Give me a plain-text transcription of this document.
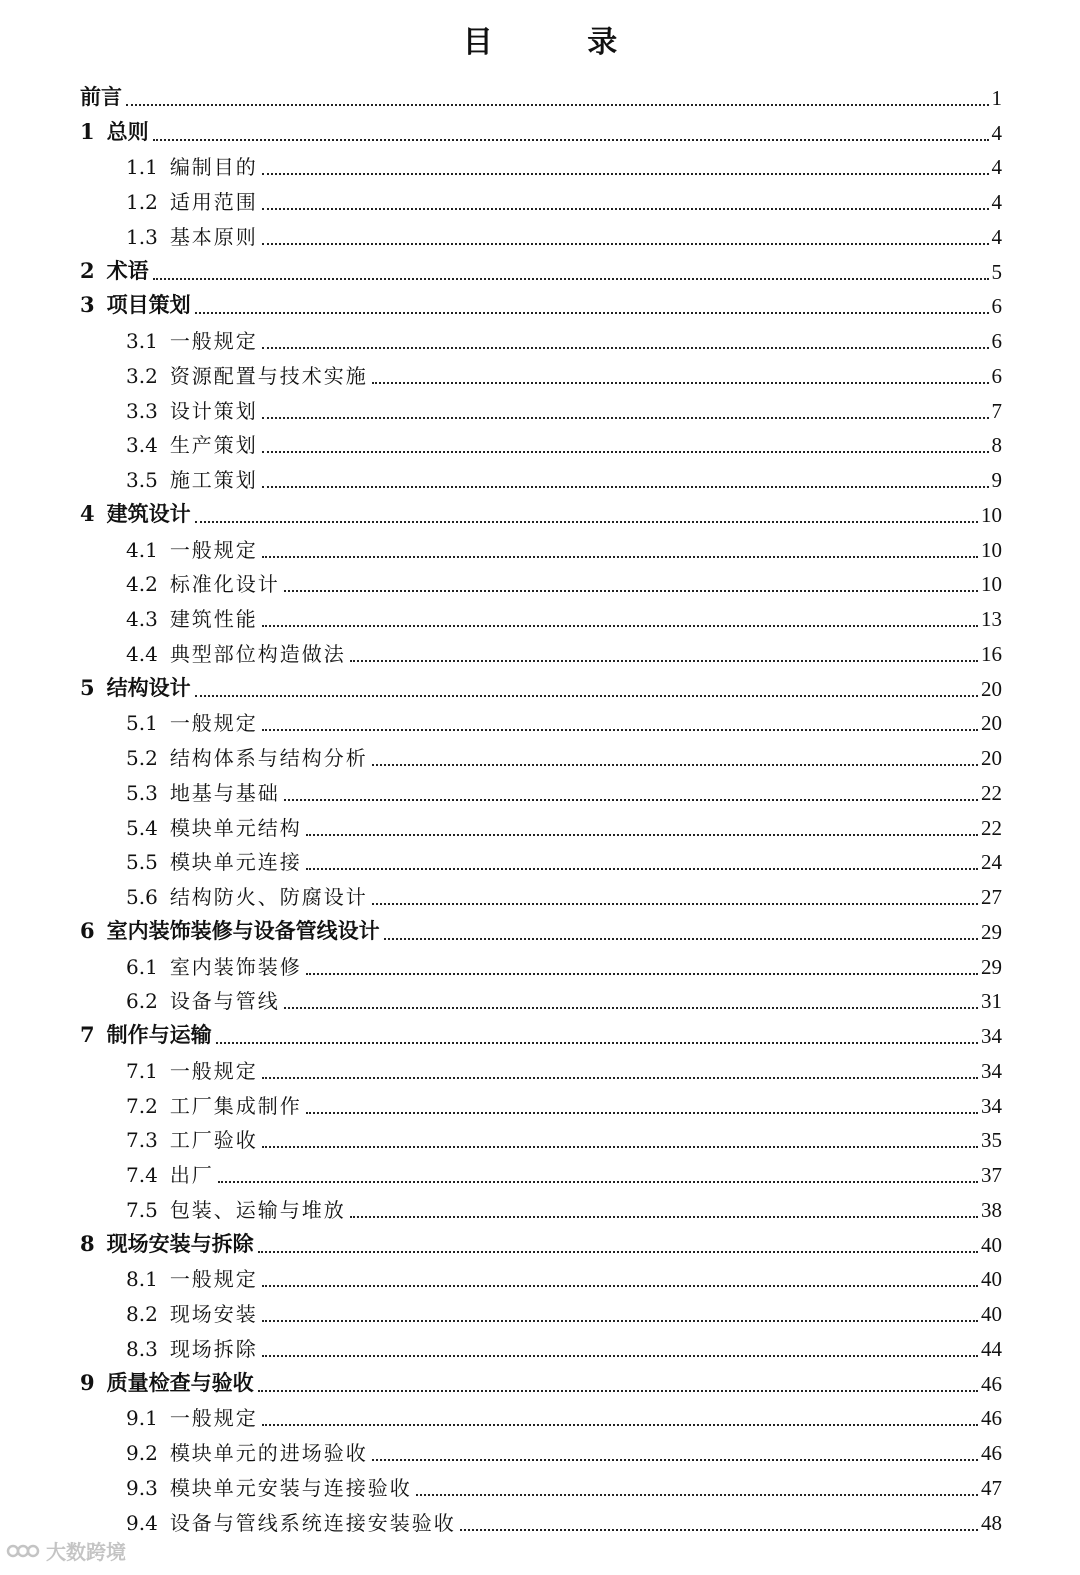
目 录
前言	1
1 总则	4
1.1 编制目的	4
1.2 适用范围	4
1.3 基本原则	4
2 术语	5
3 项目策划	6
3.1 一般规定	6
3.2 资源配置与技术实施	6
3.3 设计策划	7
3.4 生产策划	8
3.5 施工策划	9
4 建筑设计	10
4.1 一般规定	10
4.2 标准化设计	10
4.3 建筑性能	13
4.4 典型部位构造做法	16
5 结构设计	20
5.1 一般规定	20
5.2 结构体系与结构分析	20
5.3 地基与基础	22
5.4 模块单元结构	22
5.5 模块单元连接	24
5.6 结构防火、防腐设计	27
6 室内装饰装修与设备管线设计	29
6.1 室内装饰装修	29
6.2 设备与管线	31
7 制作与运输	34
7.1 一般规定	34
7.2 工厂集成制作	34
7.3 工厂验收	35
7.4 出厂	37
7.5 包装、运输与堆放	38
8 现场安装与拆除	40
8.1 一般规定	40
8.2 现场安装	40
8.3 现场拆除	44
9 质量检查与验收	46
9.1 一般规定	46
9.2 模块单元的进场验收	46
9.3 模块单元安装与连接验收	47
9.4 设备与管线系统连接安装验收	48
大数跨境
